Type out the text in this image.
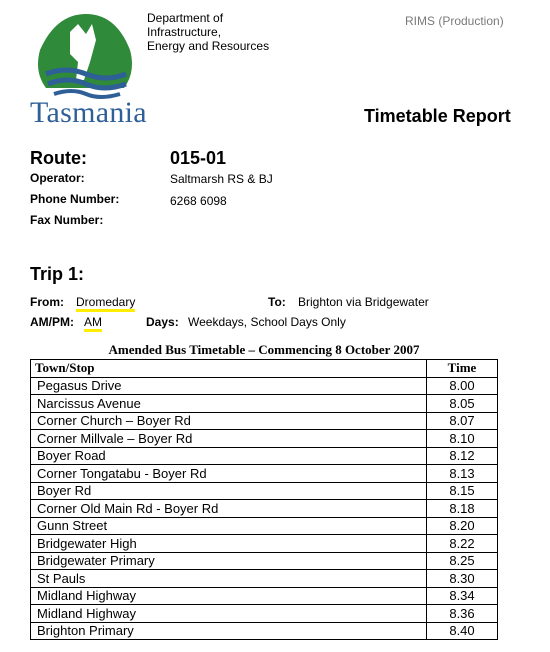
Tasmania
Department of
Infrastructure,
Energy and Resources
RIMS (Production)
Timetable Report
Route:	015-01
Operator:	Saltmarsh RS & BJ
Phone Number:	6268 6098
Fax Number:
Trip 1:
From: Dromedary	To: Brighton via Bridgewater
AM/PM: AM	Days: Weekdays, School Days Only
Amended Bus Timetable – Commencing 8 October 2007
Town/Stop	Time
Pegasus Drive	8.00
Narcissus Avenue	8.05
Corner Church – Boyer Rd	8.07
Corner Millvale – Boyer Rd	8.10
Boyer Road	8.12
Corner Tongatabu - Boyer Rd	8.13
Boyer Rd	8.15
Corner Old Main Rd - Boyer Rd	8.18
Gunn Street	8.20
Bridgewater High	8.22
Bridgewater Primary	8.25
St Pauls	8.30
Midland Highway	8.34
Midland Highway	8.36
Brighton Primary	8.40
